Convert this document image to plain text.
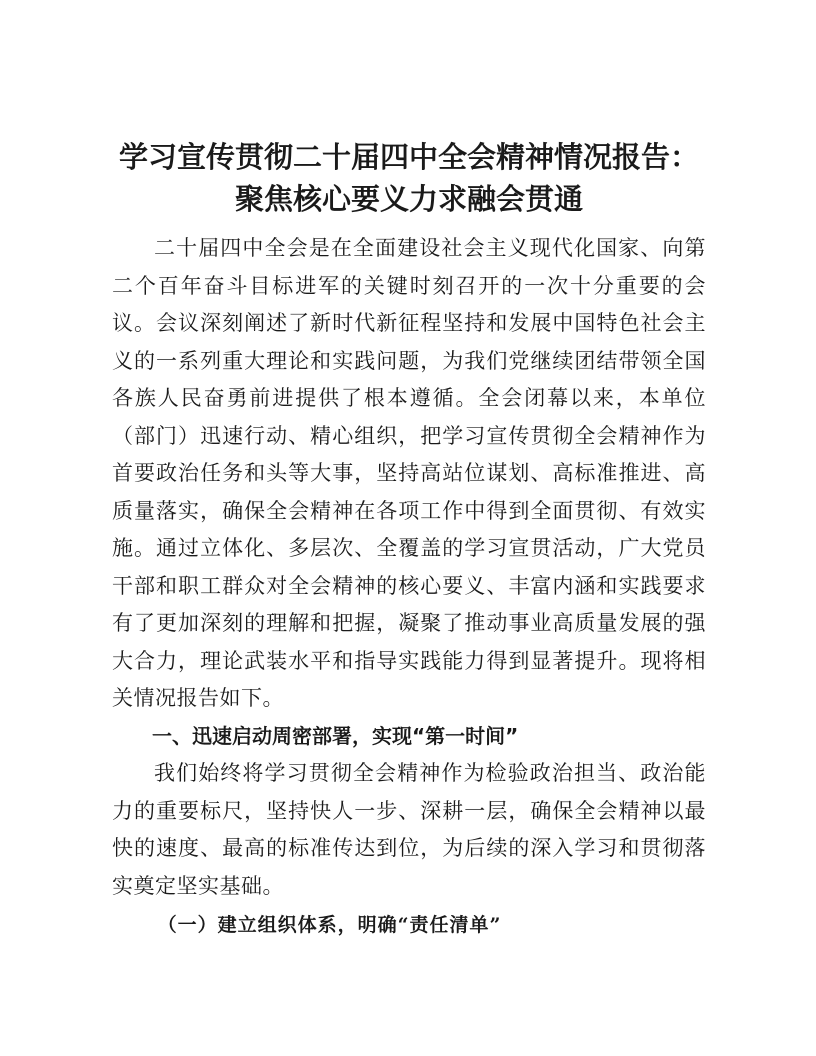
学习宣传贯彻二十届四中全会精神情况报告：
聚焦核心要义力求融会贯通

二十届四中全会是在全面建设社会主义现代化国家、向第二个百年奋斗目标进军的关键时刻召开的一次十分重要的会议。会议深刻阐述了新时代新征程坚持和发展中国特色社会主义的一系列重大理论和实践问题，为我们党继续团结带领全国各族人民奋勇前进提供了根本遵循。全会闭幕以来，本单位（部门）迅速行动、精心组织，把学习宣传贯彻全会精神作为首要政治任务和头等大事，坚持高站位谋划、高标准推进、高质量落实，确保全会精神在各项工作中得到全面贯彻、有效实施。通过立体化、多层次、全覆盖的学习宣贯活动，广大党员干部和职工群众对全会精神的核心要义、丰富内涵和实践要求有了更加深刻的理解和把握，凝聚了推动事业高质量发展的强大合力，理论武装水平和指导实践能力得到显著提升。现将相关情况报告如下。

一、迅速启动周密部署，实现“第一时间”

我们始终将学习贯彻全会精神作为检验政治担当、政治能力的重要标尺，坚持快人一步、深耕一层，确保全会精神以最快的速度、最高的标准传达到位，为后续的深入学习和贯彻落实奠定坚实基础。

（一）建立组织体系，明确“责任清单”
